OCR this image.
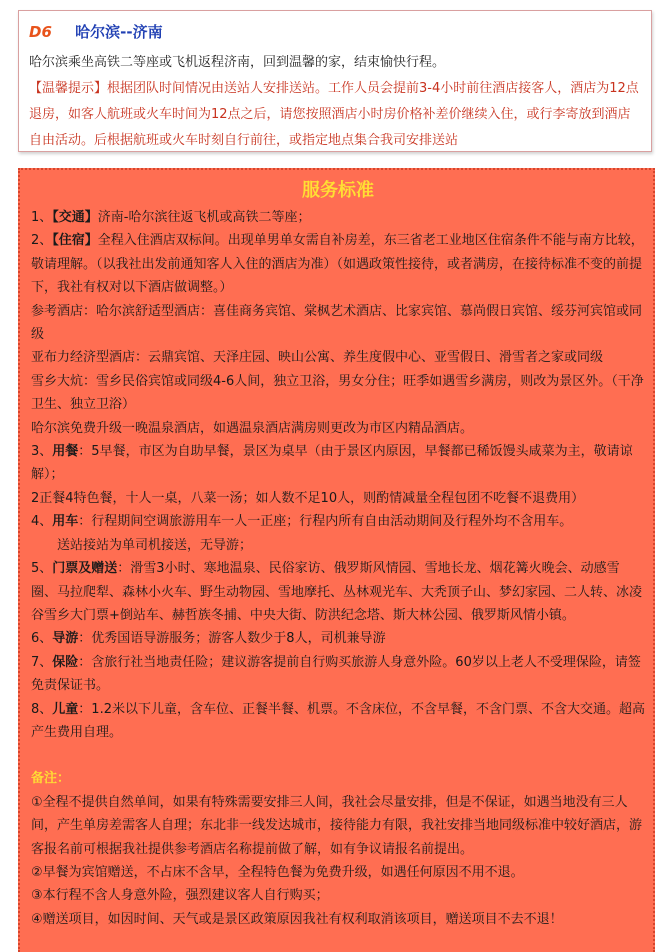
D6 哈尔滨--济南
哈尔滨乘坐高铁二等座或飞机返程济南，回到温馨的家，结束愉快行程。
【温馨提示】根据团队时间情况由送站人安排送站。工作人员会提前3-4小时前往酒店接客人，酒店为12点退房，如客人航班或火车时间为12点之后，请您按照酒店小时房价格补差价继续入住，或行李寄放到酒店自由活动。后根据航班或火车时刻自行前往，或指定地点集合我司安排送站
服务标准

1、【交通】济南-哈尔滨往返飞机或高铁二等座；

2、【住宿】全程入住酒店双标间。出现单男单女需自补房差，东三省老工业地区住宿条件不能与南方比较，敬请理解。（以我社出发前通知客人入住的酒店为准）（如遇政策性接待，或者满房，在接待标准不变的前提下，我社有权对以下酒店做调整。）

参考酒店：哈尔滨舒适型酒店：喜佳商务宾馆、棠枫艺术酒店、比家宾馆、慕尚假日宾馆、绥芬河宾馆或同级

亚布力经济型酒店：云鼎宾馆、天泽庄园、映山公寓、养生度假中心、亚雪假日、滑雪者之家或同级

雪乡大炕：雪乡民俗宾馆或同级4-6人间，独立卫浴，男女分住；旺季如遇雪乡满房，则改为景区外。（干净卫生、独立卫浴）

哈尔滨免费升级一晚温泉酒店，如遇温泉酒店满房则更改为市区内精品酒店。

3、用餐：5早餐，市区为自助早餐，景区为桌早（由于景区内原因，早餐都已稀饭馒头咸菜为主，敬请谅解）；

2正餐4特色餐，十人一桌，八菜一汤；如人数不足10人，则酌情减量全程包团不吃餐不退费用）

4、用车：行程期间空调旅游用车一人一正座；行程内所有自由活动期间及行程外均不含用车。

送站接站为单司机接送，无导游；

5、门票及赠送：滑雪3小时、寒地温泉、民俗家访、俄罗斯风情园、雪地长龙、烟花篝火晚会、动感雪圈、马拉爬犁、森林小火车、野生动物园、雪地摩托、丛林观光车、大秃顶子山、梦幻家园、二人转、冰凌谷雪乡大门票+倒站车、赫哲族冬捕、中央大街、防洪纪念塔、斯大林公园、俄罗斯风情小镇。

6、导游：优秀国语导游服务；游客人数少于8人，司机兼导游

7、保险：含旅行社当地责任险；建议游客提前自行购买旅游人身意外险。60岁以上老人不受理保险，请签免责保证书。

8、儿童：1.2米以下儿童，含车位、正餐半餐、机票。不含床位，不含早餐，不含门票、不含大交通。超高产生费用自理。

备注：

①全程不提供自然单间，如果有特殊需要安排三人间，我社会尽量安排，但是不保证，如遇当地没有三人间，产生单房差需客人自理；东北非一线发达城市，接待能力有限，我社安排当地同级标准中较好酒店，游客报名前可根据我社提供参考酒店名称提前做了解，如有争议请报名前提出。

②早餐为宾馆赠送，不占床不含早，全程特色餐为免费升级，如遇任何原因不用不退。

③本行程不含人身意外险，强烈建议客人自行购买；

④赠送项目，如因时间、天气或是景区政策原因我社有权利取消该项目，赠送项目不去不退！
